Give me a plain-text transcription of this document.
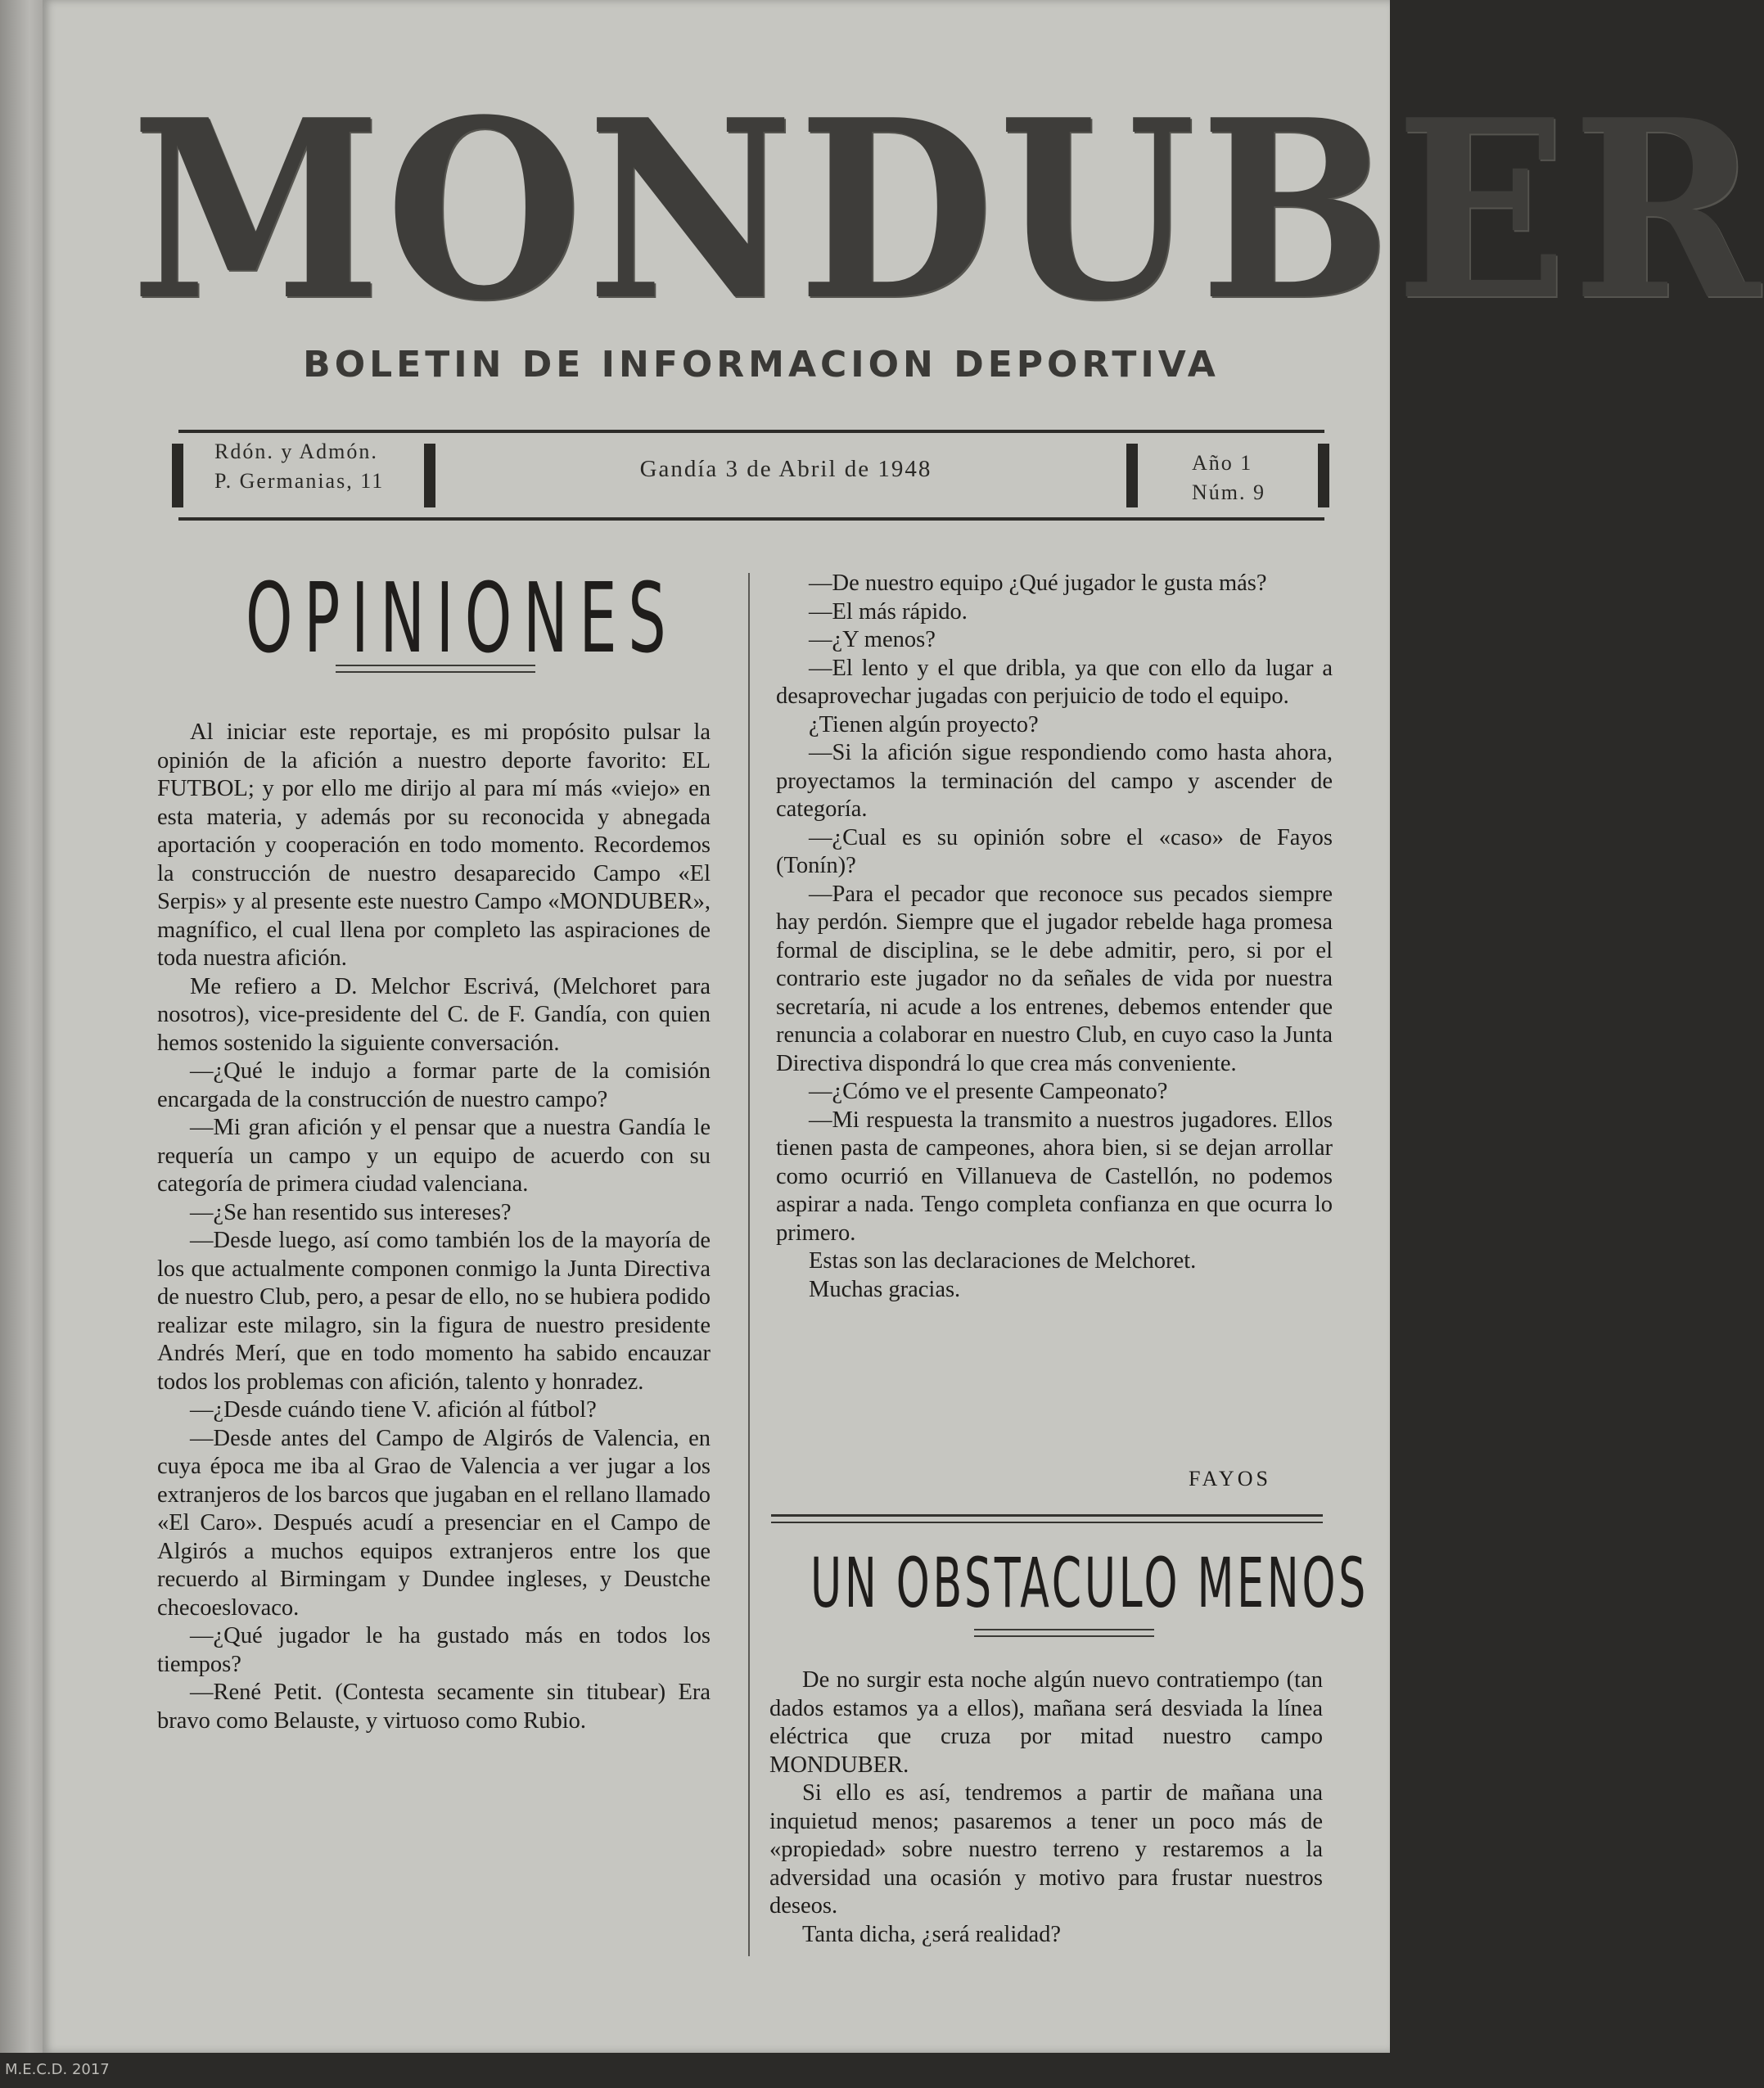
MONDUBER
BOLETIN DE INFORMACION DEPORTIVA
Rdón. y Admón.
P. Germanias, 11	Gandía 3 de Abril de 1948	Año 1
Núm. 9
OPINIONES

Al iniciar este reportaje, es mi propósito pulsar la opinión de la afición a nuestro deporte favorito: EL FUTBOL; y por ello me dirijo al para mí más «viejo» en esta materia, y además por su reconocida y abnegada aportación y cooperación en todo momento. Recordemos la construcción de nuestro desaparecido Campo «El Serpis» y al presente este nuestro Campo «MONDUBER», magnífico, el cual llena por completo las aspiraciones de toda nuestra afición.

Me refiero a D. Melchor Escrivá, (Melchoret para nosotros), vice-presidente del C. de F. Gandía, con quien hemos sostenido la siguiente conversación.

—¿Qué le indujo a formar parte de la comisión encargada de la construcción de nuestro campo?

—Mi gran afición y el pensar que a nuestra Gandía le requería un campo y un equipo de acuerdo con su categoría de primera ciudad valenciana.

—¿Se han resentido sus intereses?

—Desde luego, así como también los de la mayoría de los que actualmente componen conmigo la Junta Directiva de nuestro Club, pero, a pesar de ello, no se hubiera podido realizar este milagro, sin la figura de nuestro presidente Andrés Merí, que en todo momento ha sabido encauzar todos los problemas con afición, talento y honradez.

—¿Desde cuándo tiene V. afición al fútbol?

—Desde antes del Campo de Algirós de Valencia, en cuya época me iba al Grao de Valencia a ver jugar a los extranjeros de los barcos que jugaban en el rellano llamado «El Caro». Después acudí a presenciar en el Campo de Algirós a muchos equipos extranjeros entre los que recuerdo al Birmingam y Dundee ingleses, y Deustche checoeslovaco.

—¿Qué jugador le ha gustado más en todos los tiempos?

—René Petit. (Contesta secamente sin titubear) Era bravo como Belauste, y virtuoso como Rubio.

—De nuestro equipo ¿Qué jugador le gusta más?

—El más rápido.

—¿Y menos?

—El lento y el que dribla, ya que con ello da lugar a desaprovechar jugadas con perjuicio de todo el equipo.

¿Tienen algún proyecto?

—Si la afición sigue respondiendo como hasta ahora, proyectamos la terminación del campo y ascender de categoría.

—¿Cual es su opinión sobre el «caso» de Fayos (Tonín)?

—Para el pecador que reconoce sus pecados siempre hay perdón. Siempre que el jugador rebelde haga promesa formal de disciplina, se le debe admitir, pero, si por el contrario este jugador no da señales de vida por nuestra secretaría, ni acude a los entrenes, debemos entender que renuncia a colaborar en nuestro Club, en cuyo caso la Junta Directiva dispondrá lo que crea más conveniente.

—¿Cómo ve el presente Campeonato?

—Mi respuesta la transmito a nuestros jugadores. Ellos tienen pasta de campeones, ahora bien, si se dejan arrollar como ocurrió en Villanueva de Castellón, no podemos aspirar a nada. Tengo completa confianza en que ocurra lo primero.

Estas son las declaraciones de Melchoret.

Muchas gracias.

FAYOS
UN OBSTACULO MENOS

De no surgir esta noche algún nuevo contratiempo (tan dados estamos ya a ellos), mañana será desviada la línea eléctrica que cruza por mitad nuestro campo MONDUBER.

Si ello es así, tendremos a partir de mañana una inquietud menos; pasaremos a tener un poco más de «propiedad» sobre nuestro terreno y restaremos a la adversidad una ocasión y motivo para frustar nuestros deseos.

Tanta dicha, ¿será realidad?

M.E.C.D. 2017
